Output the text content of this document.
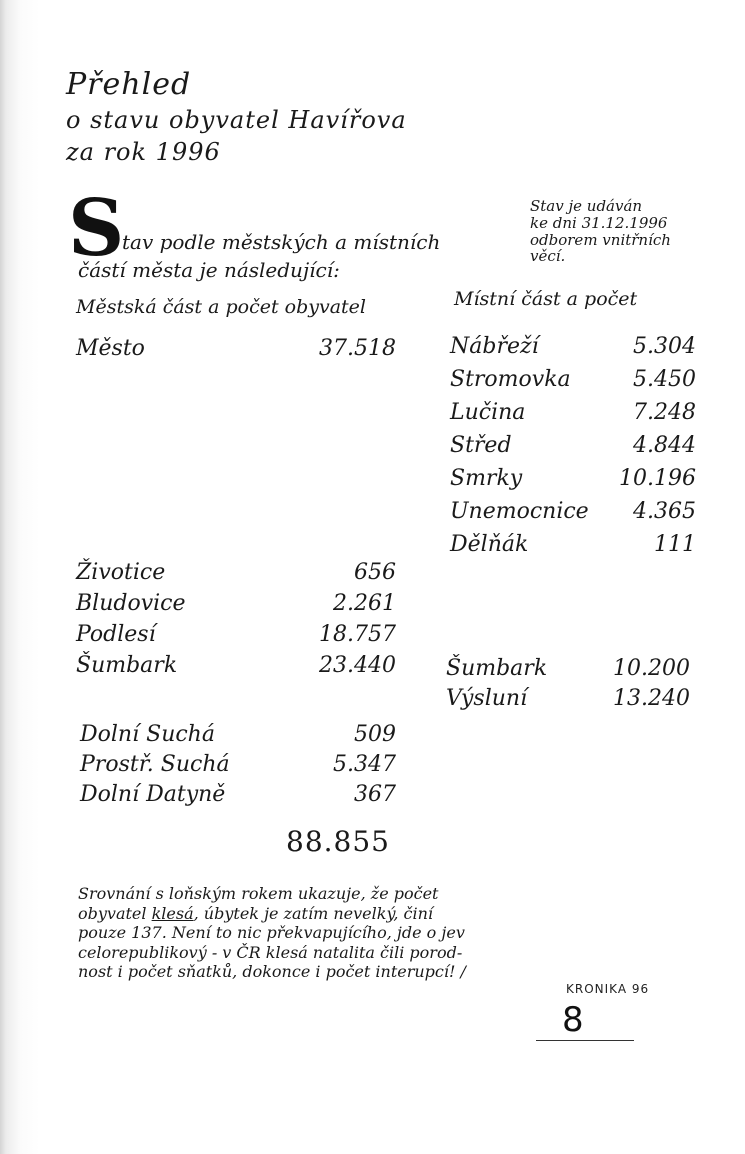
Přehled
o stavu obyvatel Havířova
za rok 1996
S
tav podle městských a místních
částí města je následující:
Stav je udáván
ke dni 31.12.1996
odborem vnitřních
věcí.
Městská část a počet obyvatel	Místní část a počet
Město	37.518
Životice	656
Bludovice	2.261
Podlesí	18.757
Šumbark	23.440
Dolní Suchá	509
Prostř. Suchá	5.347
Dolní Datyně	367
88.855
Nábřeží	5.304
Stromovka	5.450
Lučina	7.248
Střed	4.844
Smrky	10.196
Unemocnice 4.365
Dělňák	111
Šumbark	10.200
Výsluní	13.240
Srovnání s loňským rokem ukazuje, že počet
obyvatel klesá, úbytek je zatím nevelký, činí
pouze 137. Není to nic překvapujícího, jde o jev
celorepublikový - v ČR klesá natalita čili porod-
nost i počet sňatků, dokonce i počet interupcí! /
KRONIKA 96
8
